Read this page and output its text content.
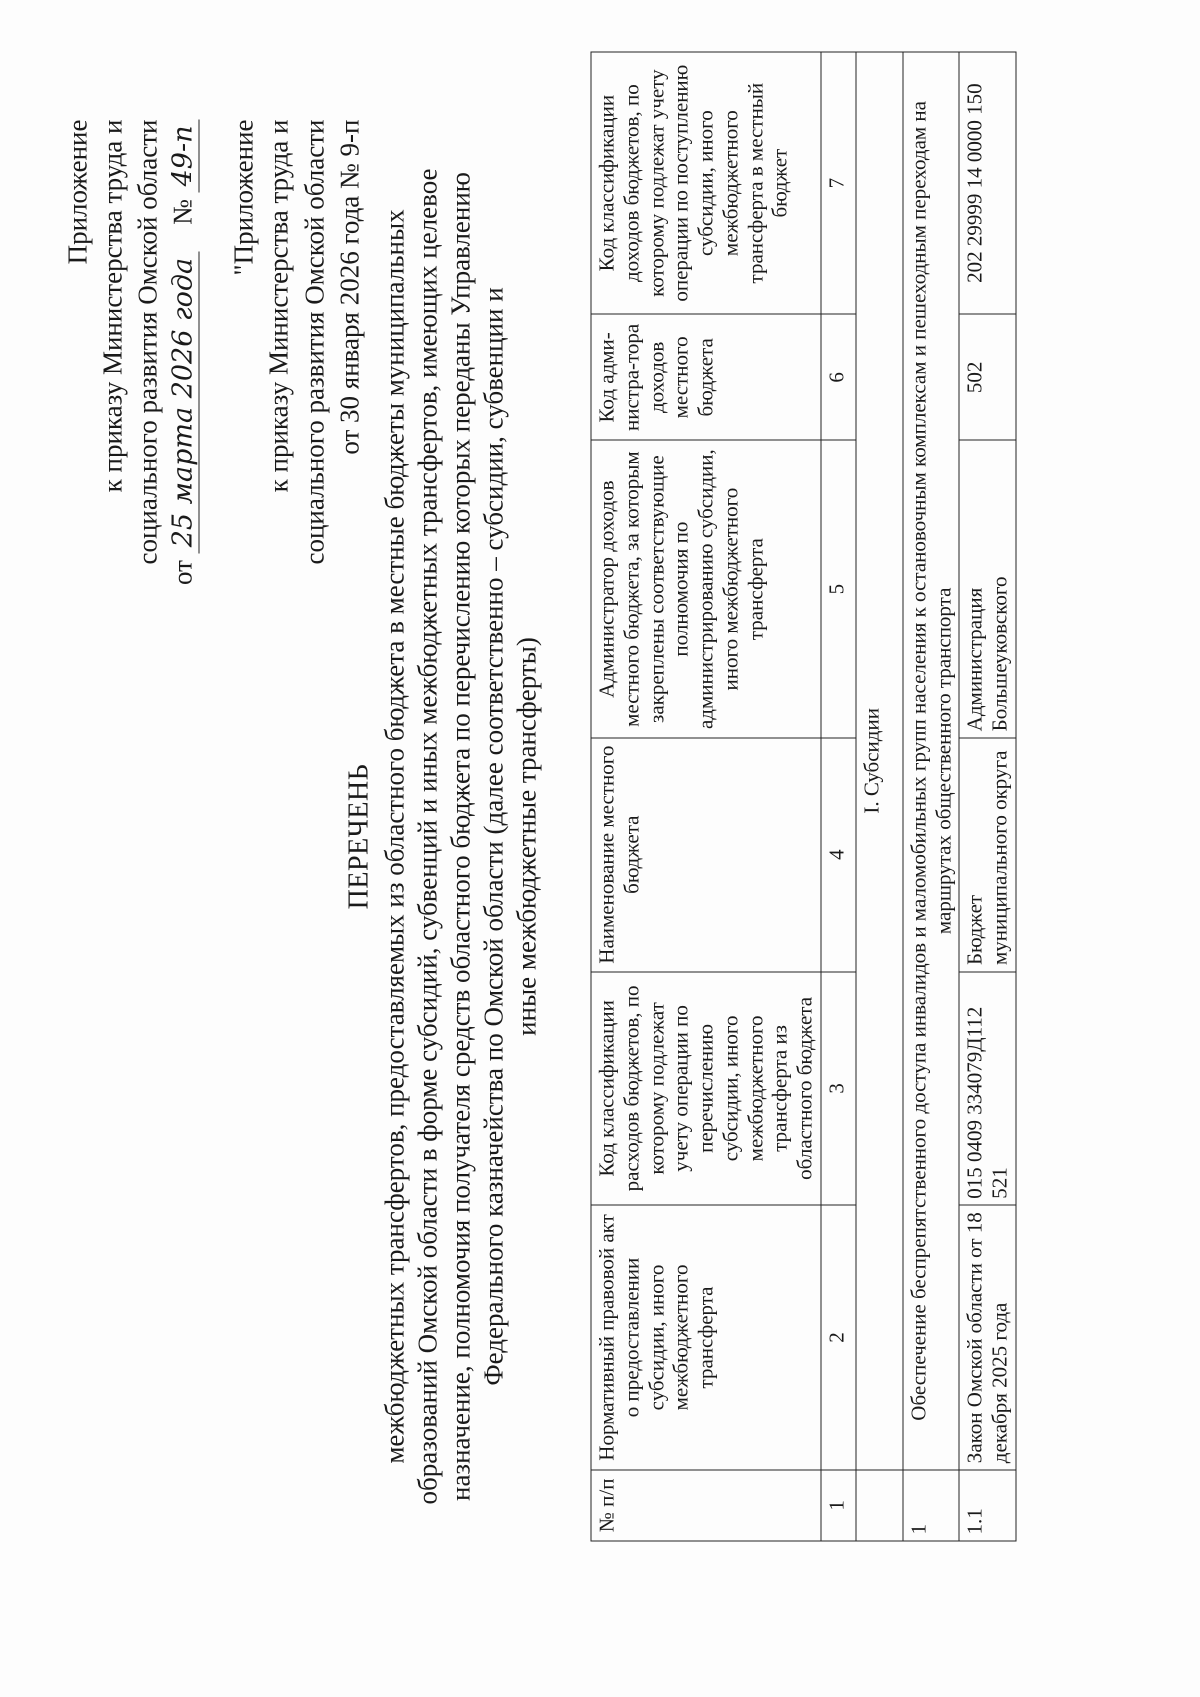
Приложение к приказу Министерства труда и социального развития Омской области
от 25 марта 2026 года    № 49-п "Приложение к приказу Министерства труда и социального развития Омской области от 30 января 2026 года № 9-п
ПЕРЕЧЕНЬ межбюджетных трансфертов, предоставляемых из областного бюджета в местные бюджеты муниципальных образований Омской области в форме субсидий, субвенций и иных межбюджетных трансфертов, имеющих целевое назначение, полномочия получателя средств областного бюджета по перечислению которых переданы Управлению Федерального казначейства по Омской области (далее соответственно – субсидии, субвенции и иные межбюджетные трансферты)
№ п/п	Нормативный правовой акт о предоставлении субсидии, иного межбюджетного трансферта	Код классификации расходов бюджетов, по которому подлежат учету операции по перечислению субсидии, иного межбюджетного трансферта из областного бюджета	Наименование местного бюджета	Администратор доходов местного бюджета, за которым закреплены соответствующие полномочия по администрированию субсидии, иного межбюджетного трансферта	Код адми-нистра-тора доходов местного бюджета	Код классификации доходов бюджетов, по которому подлежат учету операции по поступлению субсидии, иного межбюджетного трансферта в местный бюджет
1	2	3	4	5	6	7
	I. Субсидии					
1	Обеспечение беспрепятственного доступа инвалидов и маломобильных групп населения к остановочным комплексам и пешеходным переходам на маршрутах общественного транспорта					
1.1	Закон Омской области от 18 декабря 2025 года	015 0409 334079Д112 521	Бюджет муниципального округа	Администрация Большеуковского	502	202 29999 14 0000 150
